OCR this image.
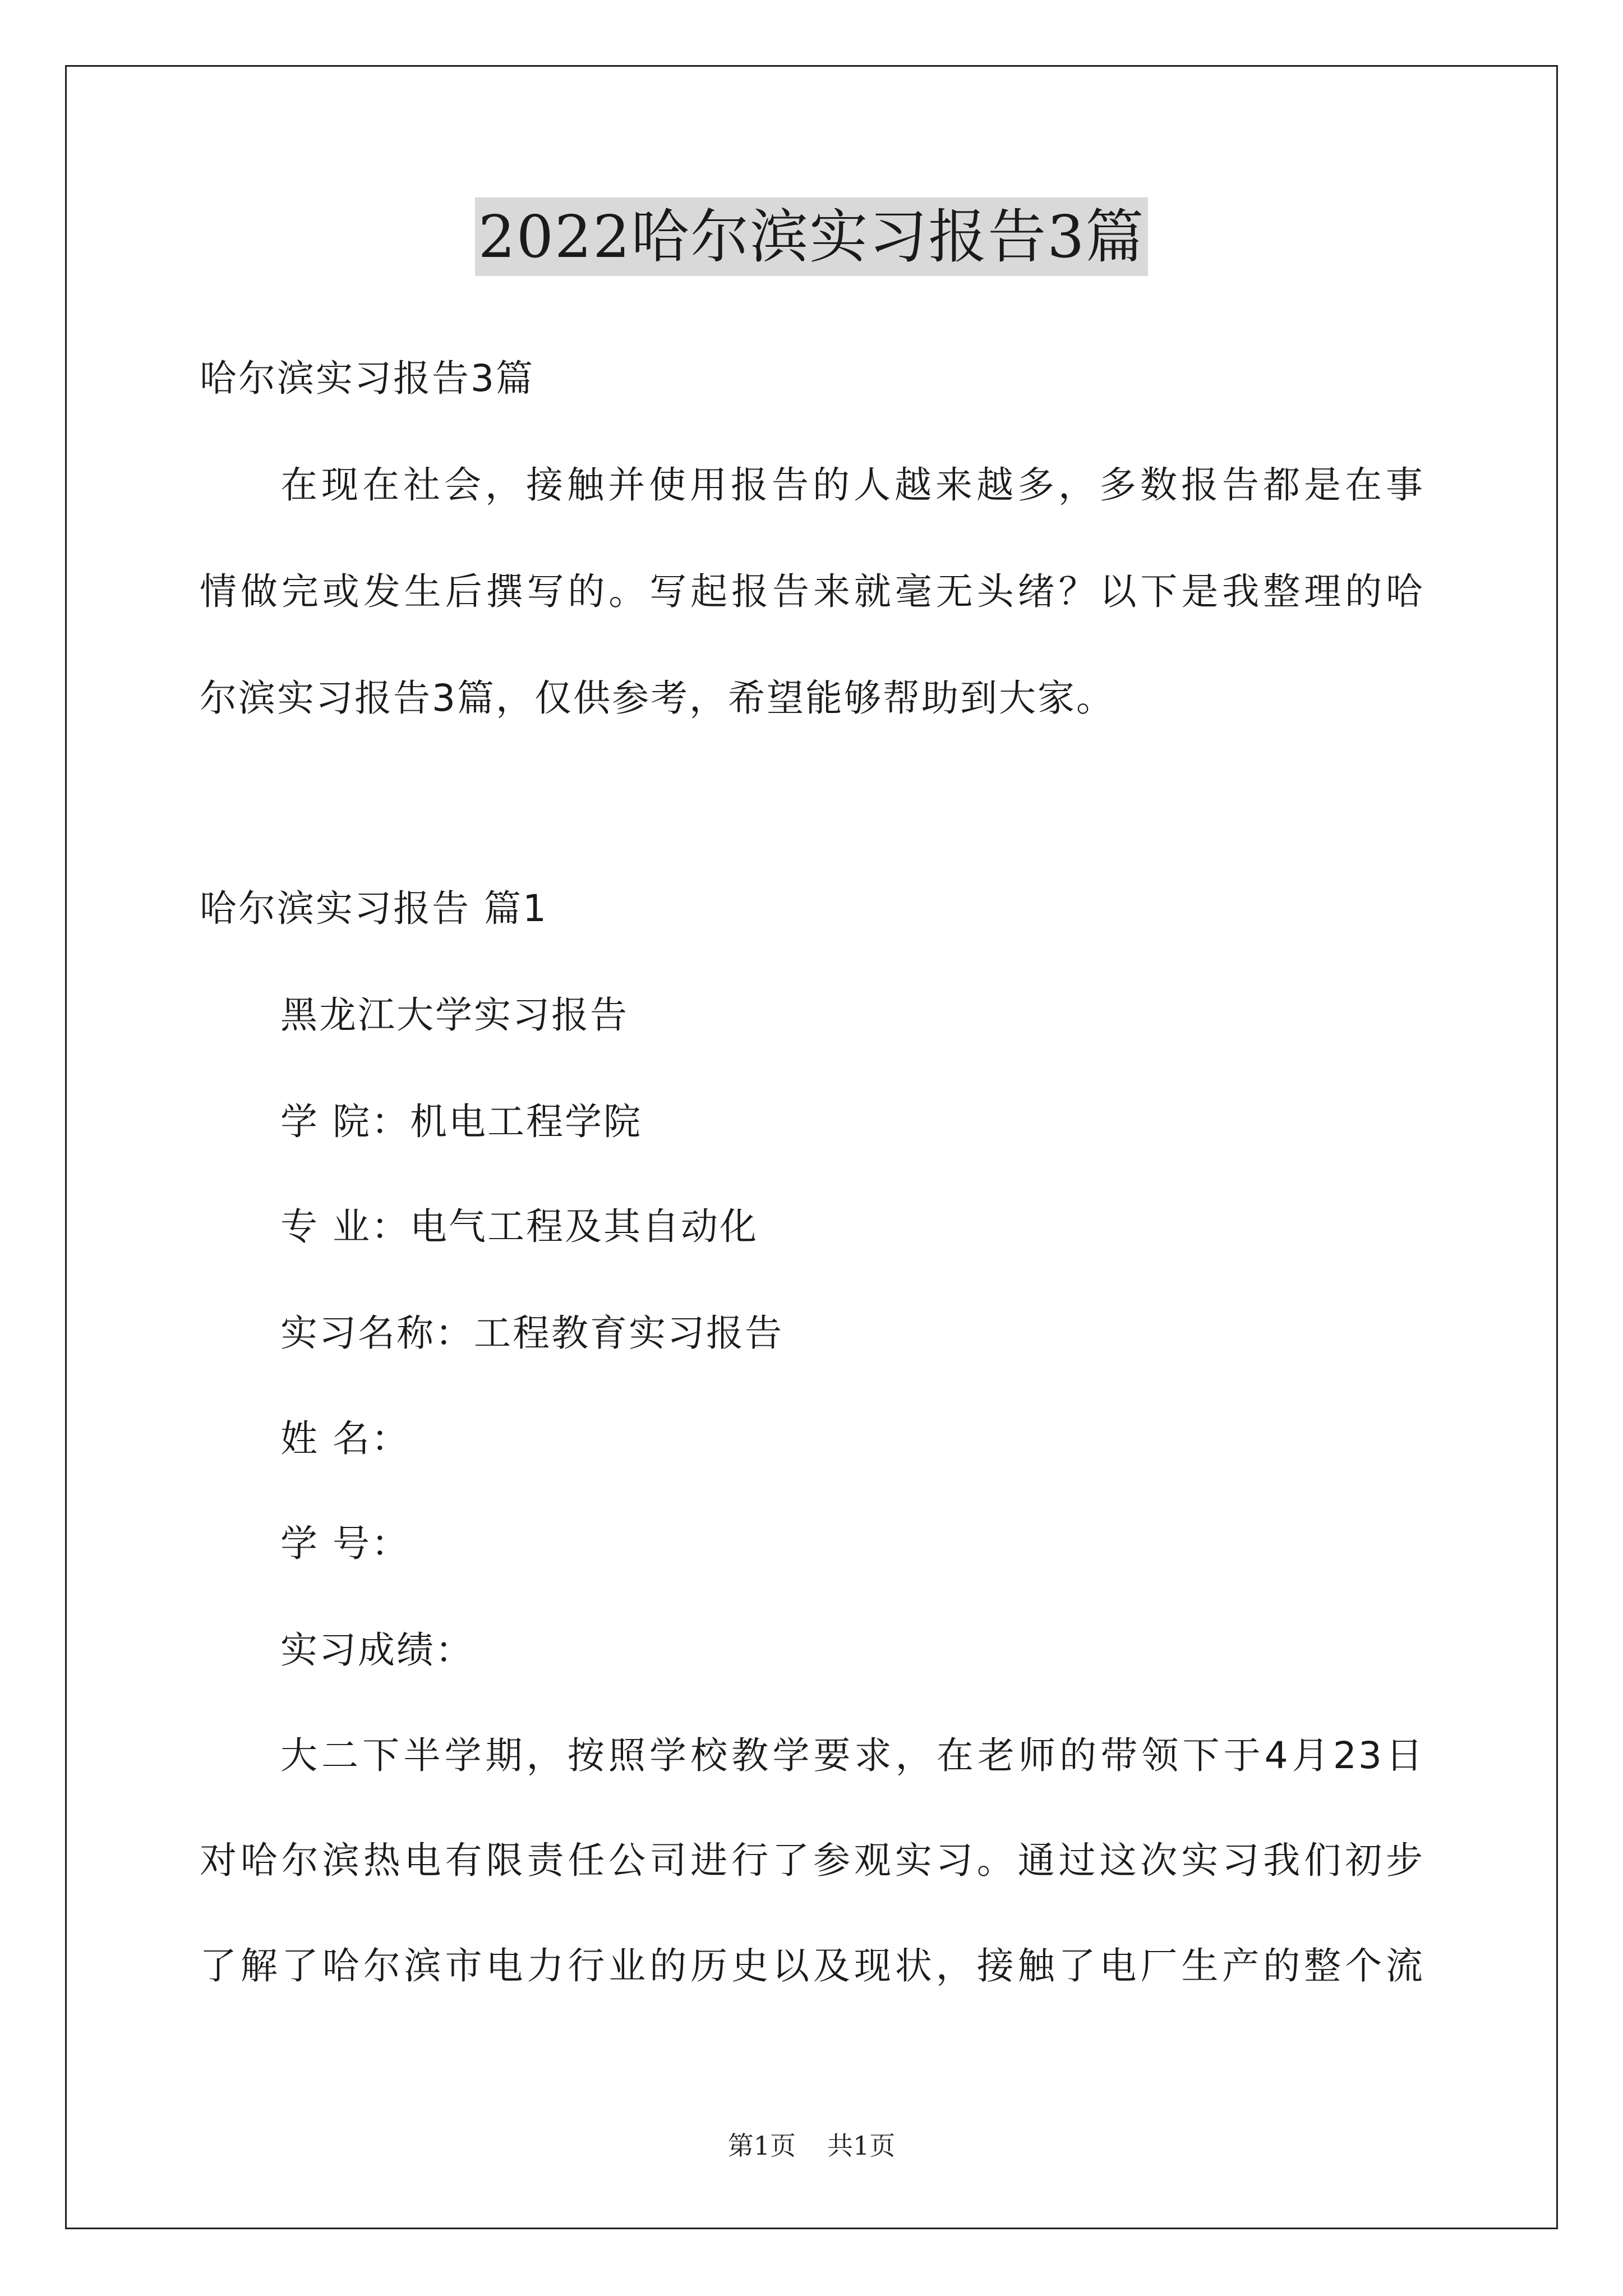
2022哈尔滨实习报告3篇
哈尔滨实习报告3篇
在现在社会，接触并使用报告的人越来越多，多数报告都是在事
情做完或发生后撰写的。写起报告来就毫无头绪？以下是我整理的哈
尔滨实习报告3篇，仅供参考，希望能够帮助到大家。
哈尔滨实习报告 篇1
黑龙江大学实习报告
学 院：机电工程学院
专 业：电气工程及其自动化
实习名称：工程教育实习报告
姓 名：
学 号：
实习成绩：
大二下半学期，按照学校教学要求，在老师的带领下于4月23日
对哈尔滨热电有限责任公司进行了参观实习。通过这次实习我们初步
了解了哈尔滨市电力行业的历史以及现状，接触了电厂生产的整个流
第1页 共1页
